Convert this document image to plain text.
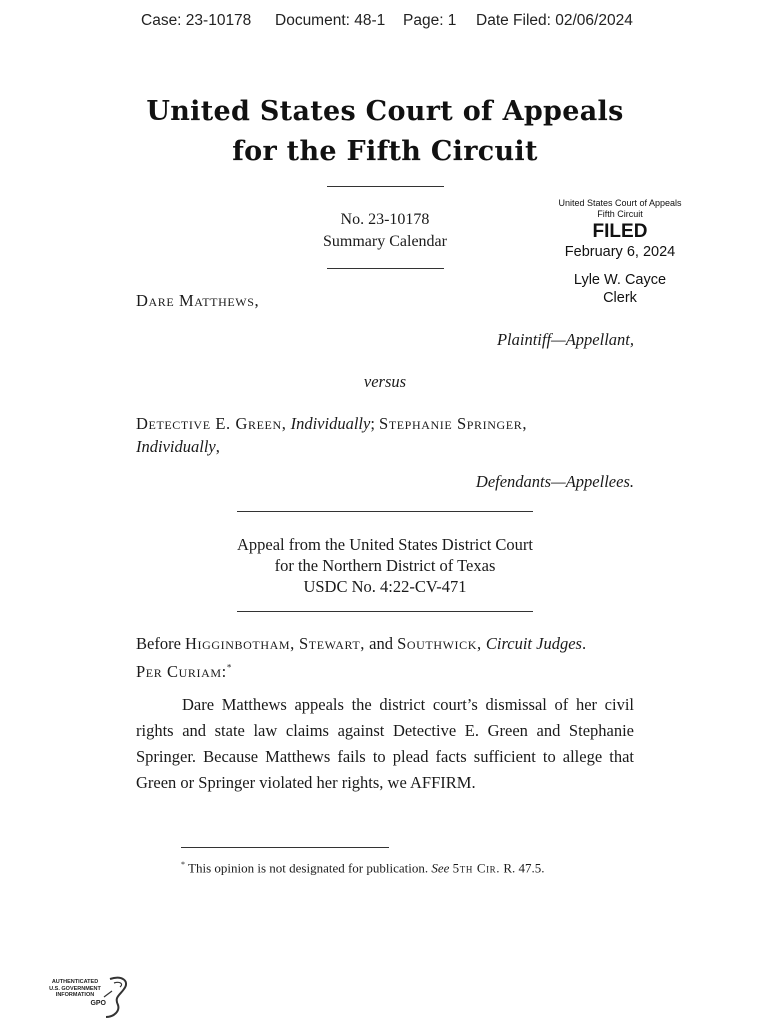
Case: 23-10178 Document: 48-1 Page: 1 Date Filed: 02/06/2024
United States Court of Appeals
for the Fifth Circuit
No. 23-10178
Summary Calendar
United States Court of Appeals
Fifth Circuit
FILED
February 6, 2024
Lyle W. Cayce
Clerk
Dare Matthews,
Plaintiff—Appellant,
versus
Detective E. Green, Individually; Stephanie Springer,
Individually,
Defendants—Appellees.
Appeal from the United States District Court
for the Northern District of Texas
USDC No. 4:22-CV-471
Before Higginbotham, Stewart, and Southwick, Circuit Judges.
Per Curiam:*
Dare Matthews appeals the district court’s dismissal of her civil rights and state law claims against Detective E. Green and Stephanie Springer. Because Matthews fails to plead facts sufficient to allege that Green or Springer violated her rights, we AFFIRM.
* This opinion is not designated for publication. See 5th Cir. R. 47.5.
AUTHENTICATED
U.S. GOVERNMENT
INFORMATION
GPO
